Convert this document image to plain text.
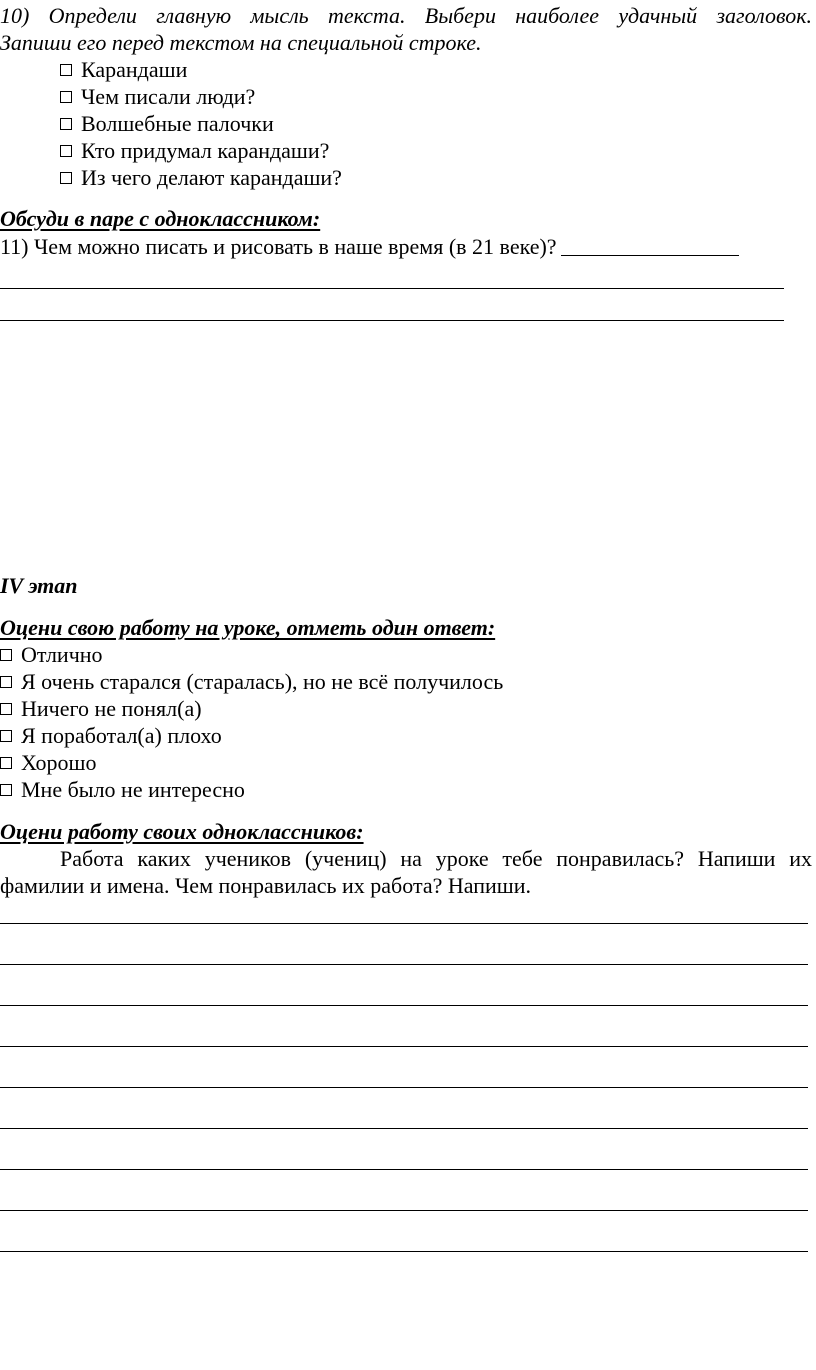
10) Определи главную мысль текста. Выбери наиболее удачный заголовок.
Запиши его перед текстом на специальной строке.
Карандаши
Чем писали люди?
Волшебные палочки
Кто придумал карандаши?
Из чего делают карандаши?
Обсуди в паре с одноклассником:
11) Чем можно писать и рисовать в наше время (в 21 веке)?
IV этап
Оцени свою работу на уроке, отметь один ответ:
Отлично
Я очень старался (старалась), но не всё получилось
Ничего не понял(а)
Я поработал(а) плохо
Хорошо
Мне было не интересно
Оцени работу своих одноклассников:
Работа каких учеников (учениц) на уроке тебе понравилась? Напиши их
фамилии и имена. Чем понравилась их работа? Напиши.
